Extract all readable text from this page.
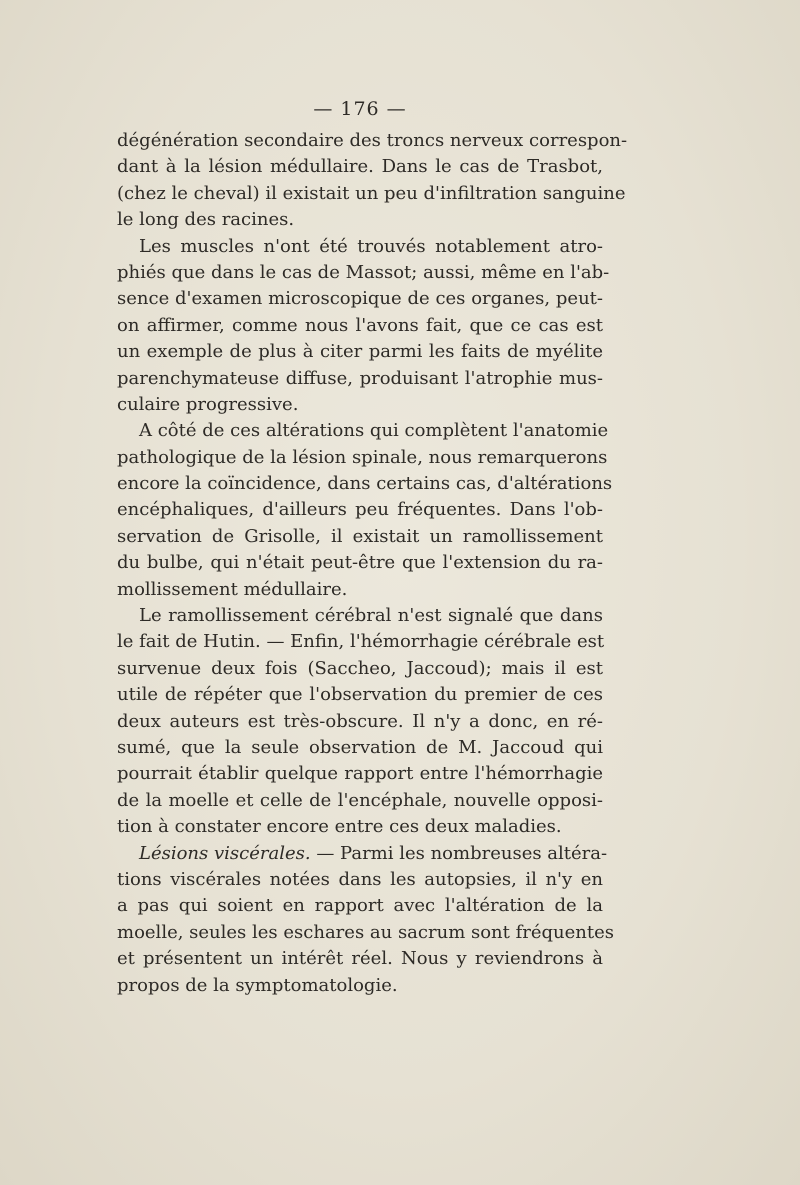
— 176 —
dégénération secondaire des troncs nerveux correspon-
dant à la lésion médullaire. Dans le cas de Trasbot,
(chez le cheval) il existait un peu d'infiltration sanguine
le long des racines.
Les muscles n'ont été trouvés notablement atro-
phiés que dans le cas de Massot; aussi, même en l'ab-
sence d'examen microscopique de ces organes, peut-
on affirmer, comme nous l'avons fait, que ce cas est
un exemple de plus à citer parmi les faits de myélite
parenchymateuse diffuse, produisant l'atrophie mus-
culaire progressive.
A côté de ces altérations qui complètent l'anatomie
pathologique de la lésion spinale, nous remarquerons
encore la coïncidence, dans certains cas, d'altérations
encéphaliques, d'ailleurs peu fréquentes. Dans l'ob-
servation de Grisolle, il existait un ramollissement
du bulbe, qui n'était peut-être que l'extension du ra-
mollissement médullaire.
Le ramollissement cérébral n'est signalé que dans
le fait de Hutin. — Enfin, l'hémorrhagie cérébrale est
survenue deux fois (Saccheo, Jaccoud); mais il est
utile de répéter que l'observation du premier de ces
deux auteurs est très-obscure. Il n'y a donc, en ré-
sumé, que la seule observation de M. Jaccoud qui
pourrait établir quelque rapport entre l'hémorrhagie
de la moelle et celle de l'encéphale, nouvelle opposi-
tion à constater encore entre ces deux maladies.
Lésions viscérales. — Parmi les nombreuses altéra-
tions viscérales notées dans les autopsies, il n'y en
a pas qui soient en rapport avec l'altération de la
moelle, seules les eschares au sacrum sont fréquentes
et présentent un intérêt réel. Nous y reviendrons à
propos de la symptomatologie.
